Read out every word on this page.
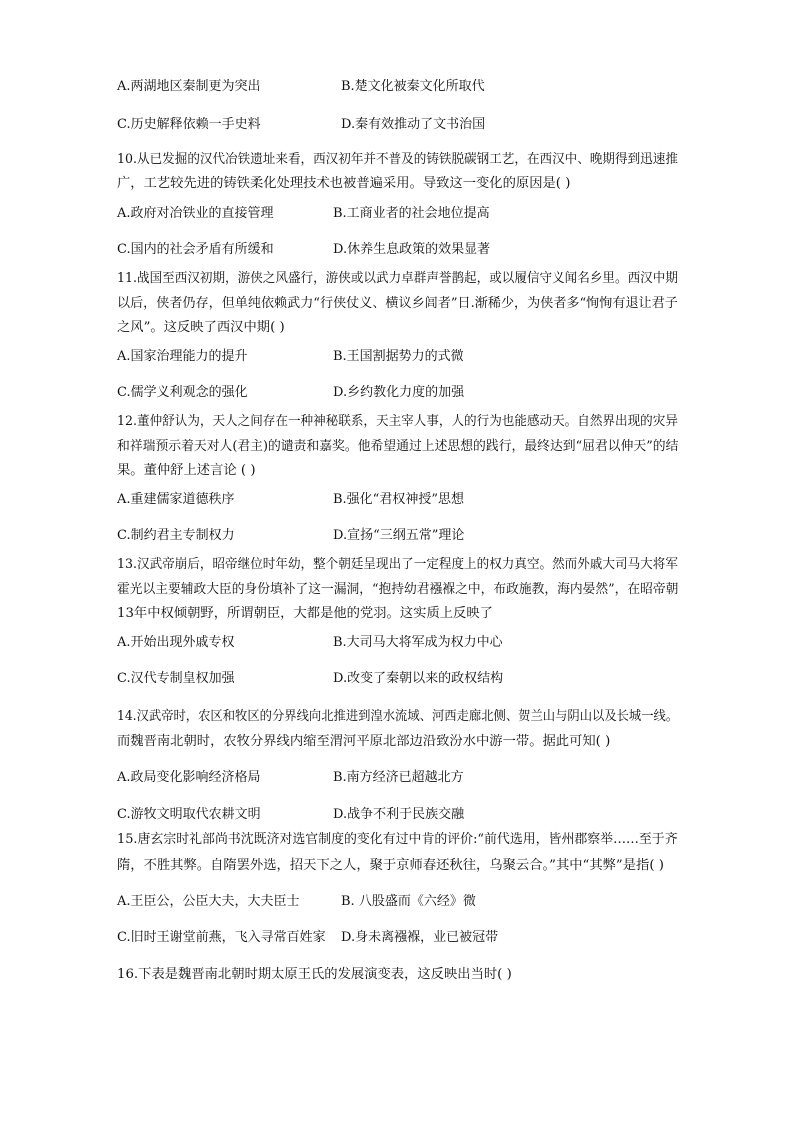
A.两湖地区秦制更为突出	B.楚文化被秦文化所取代
C.历史解释依赖一手史料	D.秦有效推动了文书治国
10.从已发掘的汉代冶铁遗址来看，西汉初年并不普及的铸铁脱碳钢工艺，在西汉中、晚期得到迅速推
广，工艺较先进的铸铁柔化处理技术也被普遍采用。导致这一变化的原因是( )
A.政府对冶铁业的直接管理	B.工商业者的社会地位提高
C.国内的社会矛盾有所缓和	D.休养生息政策的效果显著
11.战国至西汉初期，游侠之风盛行，游侠或以武力卓群声誉鹊起，或以履信守义闻名乡里。西汉中期
以后，侠者仍存，但单纯依赖武力“行侠仗义、横议乡闾者”日.渐稀少，为侠者多“恂恂有退让君子
之风”。这反映了西汉中期( )
A.国家治理能力的提升	B.王国割据势力的式微
C.儒学义利观念的强化	D.乡约教化力度的加强
12.董仲舒认为，天人之间存在一种神秘联系，天主宰人事，人的行为也能感动天。自然界出现的灾异
和祥瑞预示着天对人(君主)的谴责和嘉奖。他希望通过上述思想的践行，最终达到“屈君以伸天”的结
果。董仲舒上述言论 ( )
A.重建儒家道德秩序	B.强化“君权神授”思想
C.制约君主专制权力	D.宣扬“三纲五常”理论
13.汉武帝崩后，昭帝继位时年幼，整个朝廷呈现出了一定程度上的权力真空。然而外戚大司马大将军
霍光以主要辅政大臣的身份填补了这一漏洞，“抱持幼君襁褓之中，布政施教，海内晏然”，在昭帝朝
13年中权倾朝野，所谓朝臣，大都是他的党羽。这实质上反映了
A.开始出现外戚专权	B.大司马大将军成为权力中心
C.汉代专制皇权加强	D.改变了秦朝以来的政权结构
14.汉武帝时，农区和牧区的分界线向北推进到湟水流域、河西走廊北侧、贺兰山与阴山以及长城一线。
而魏晋南北朝时，农牧分界线内缩至渭河平原北部边沿致汾水中游一带。据此可知( )
A.政局变化影响经济格局	B.南方经济已超越北方
C.游牧文明取代农耕文明	D.战争不利于民族交融
15.唐玄宗时礼部尚书沈既济对选官制度的变化有过中肯的评价:“前代选用，皆州郡察举……至于齐
隋，不胜其弊。自隋罢外选，招天下之人，聚于京师春还秋往，乌聚云合。”其中“其弊”是指( )
A.王臣公，公臣大夫，大夫臣士	B. 八股盛而《六经》微
C.旧时王谢堂前燕，飞入寻常百姓家 D.身未离襁褓，业已被冠带
16.下表是魏晋南北朝时期太原王氏的发展演变表，这反映出当时( )
